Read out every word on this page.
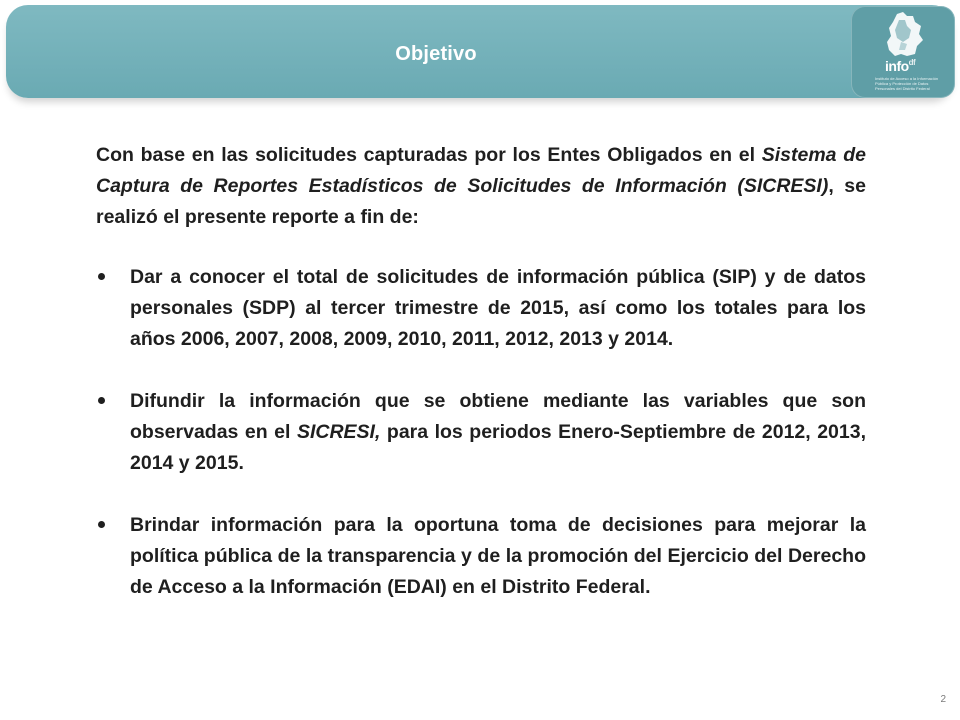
Objetivo
info$^{df}$
Instituto de Acceso a la Información Pública y Protección de Datos Personales del Distrito Federal

Con base en las solicitudes capturadas por los Entes Obligados en el Sistema de Captura de Reportes Estadísticos de Solicitudes de Información (SICRESI), se realizó el presente reporte a fin de:

Dar a conocer el total de solicitudes de información pública (SIP) y de datos personales (SDP) al tercer trimestre de 2015, así como los totales para los años 2006, 2007, 2008, 2009, 2010, 2011, 2012, 2013 y 2014.
Difundir la información que se obtiene mediante las variables que son observadas en el SICRESI, para los periodos Enero-Septiembre de 2012, 2013, 2014 y 2015.
Brindar información para la oportuna toma de decisiones para mejorar la política pública de la transparencia y de la promoción del Ejercicio del Derecho de Acceso a la Información (EDAI) en el Distrito Federal.
2
